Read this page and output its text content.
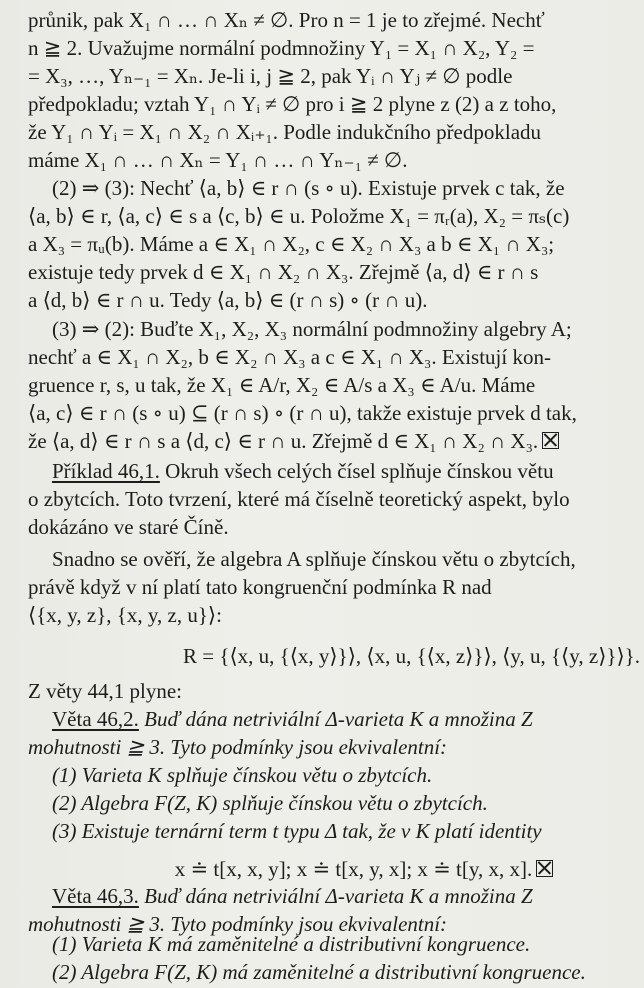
průnik, pak X₁ ∩ … ∩ Xₙ ≠ ∅. Pro n = 1 je to zřejmé. Nechť
n ≧ 2. Uvažujme normální podmnožiny Y₁ = X₁ ∩ X₂, Y₂ =
= X₃, …, Yₙ₋₁ = Xₙ. Je-li i, j ≧ 2, pak Yᵢ ∩ Yⱼ ≠ ∅ podle
předpokladu; vztah Y₁ ∩ Yᵢ ≠ ∅ pro i ≧ 2 plyne z (2) a z toho,
že Y₁ ∩ Yᵢ = X₁ ∩ X₂ ∩ Xᵢ₊₁. Podle indukčního předpokladu
máme X₁ ∩ … ∩ Xₙ = Y₁ ∩ … ∩ Yₙ₋₁ ≠ ∅.
(2) ⇒ (3): Nechť ⟨a, b⟩ ∈ r ∩ (s ∘ u). Existuje prvek c tak, že
⟨a, b⟩ ∈ r, ⟨a, c⟩ ∈ s a ⟨c, b⟩ ∈ u. Položme X₁ = πᵣ(a), X₂ = πₛ(c)
a X₃ = πᵤ(b). Máme a ∈ X₁ ∩ X₂, c ∈ X₂ ∩ X₃ a b ∈ X₁ ∩ X₃;
existuje tedy prvek d ∈ X₁ ∩ X₂ ∩ X₃. Zřejmě ⟨a, d⟩ ∈ r ∩ s
a ⟨d, b⟩ ∈ r ∩ u. Tedy ⟨a, b⟩ ∈ (r ∩ s) ∘ (r ∩ u).
(3) ⇒ (2): Buďte X₁, X₂, X₃ normální podmnožiny algebry A;
nechť a ∈ X₁ ∩ X₂, b ∈ X₂ ∩ X₃ a c ∈ X₁ ∩ X₃. Existují kon-
gruence r, s, u tak, že X₁ ∈ A/r, X₂ ∈ A/s a X₃ ∈ A/u. Máme
⟨a, c⟩ ∈ r ∩ (s ∘ u) ⊆ (r ∩ s) ∘ (r ∩ u), takže existuje prvek d tak,
že ⟨a, d⟩ ∈ r ∩ s a ⟨d, c⟩ ∈ r ∩ u. Zřejmě d ∈ X₁ ∩ X₂ ∩ X₃.
Příklad 46,1. Okruh všech celých čísel splňuje čínskou větu
o zbytcích. Toto tvrzení, které má číselně teoretický aspekt, bylo
dokázáno ve staré Číně.
Snadno se ověří, že algebra A splňuje čínskou větu o zbytcích,
právě když v ní platí tato kongruenční podmínka R nad
⟨{x, y, z}, {x, y, z, u}⟩:
R = {⟨x, u, {⟨x, y⟩}⟩, ⟨x, u, {⟨x, z⟩}⟩, ⟨y, u, {⟨y, z⟩}⟩}.
Z věty 44,1 plyne:
Věta 46,2. Buď dána netriviální Δ-varieta K a množina Z
mohutnosti ≧ 3. Tyto podmínky jsou ekvivalentní:
(1) Varieta K splňuje čínskou větu o zbytcích.
(2) Algebra F(Z, K) splňuje čínskou větu o zbytcích.
(3) Existuje ternární term t typu Δ tak, že v K platí identity
x ≐ t[x, x, y]; x ≐ t[x, y, x]; x ≐ t[y, x, x].
Věta 46,3. Buď dána netriviální Δ-varieta K a množina Z
mohutnosti ≧ 3. Tyto podmínky jsou ekvivalentní:
(1) Varieta K má zaměnitelné a distributivní kongruence.
(2) Algebra F(Z, K) má zaměnitelné a distributivní kongruence.
